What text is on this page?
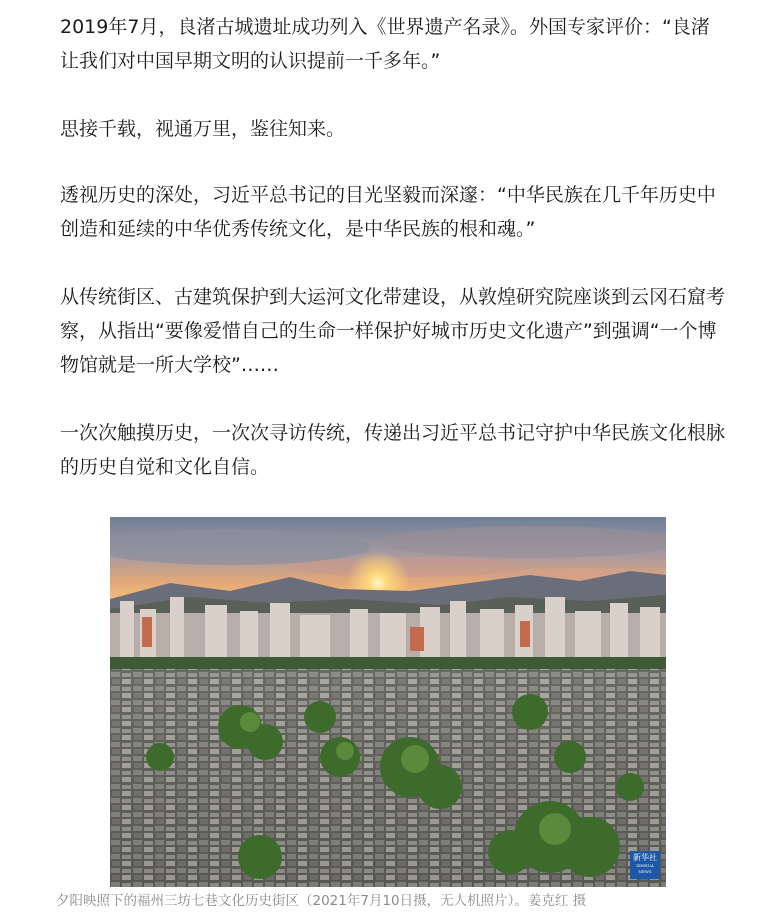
2019年7月，良渚古城遗址成功列入《世界遗产名录》。外国专家评价：“良渚让我们对中国早期文明的认识提前一千多年。”

思接千载，视通万里，鉴往知来。

透视历史的深处，习近平总书记的目光坚毅而深邃：“中华民族在几千年历史中创造和延续的中华优秀传统文化，是中华民族的根和魂。”

从传统街区、古建筑保护到大运河文化带建设，从敦煌研究院座谈到云冈石窟考察，从指出“要像爱惜自己的生命一样保护好城市历史文化遗产”到强调“一个博物馆就是一所大学校”……

一次次触摸历史，一次次寻访传统，传递出习近平总书记守护中华民族文化根脉的历史自觉和文化自信。

新华社
XINHUA NEWS
夕阳映照下的福州三坊七巷文化历史街区（2021年7月10日摄，无人机照片）。姜克红 摄
